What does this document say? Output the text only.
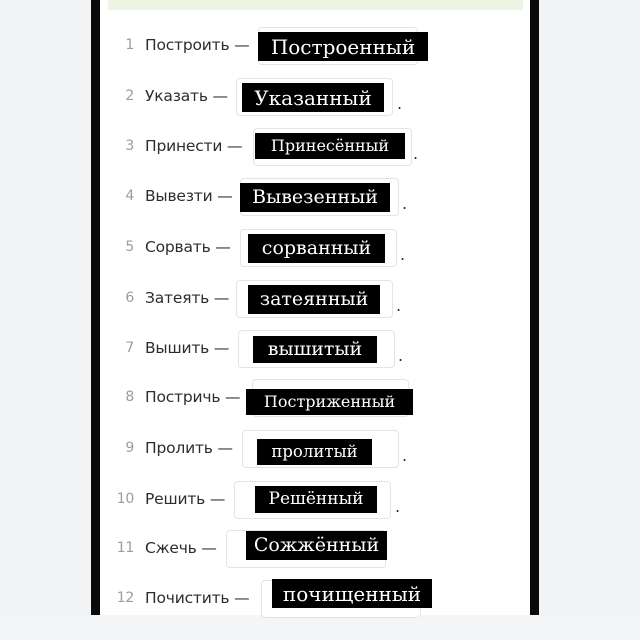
1 Построить —	Построенный
2 Указать —	Указанный	.
3 Принести —	Принесённый	.
4 Вывезти —	Вывезенный	.
5 Сорвать —	сорванный	.
6 Затеять —	затеянный	.
7 Вышить —	вышитый	.
8 Постричь —	Постриженный
9 Пролить —	пролитый	.
10 Решить —	Решённый	.
11 Сжечь —	Сожжённый
12 Почистить —	почищенный
